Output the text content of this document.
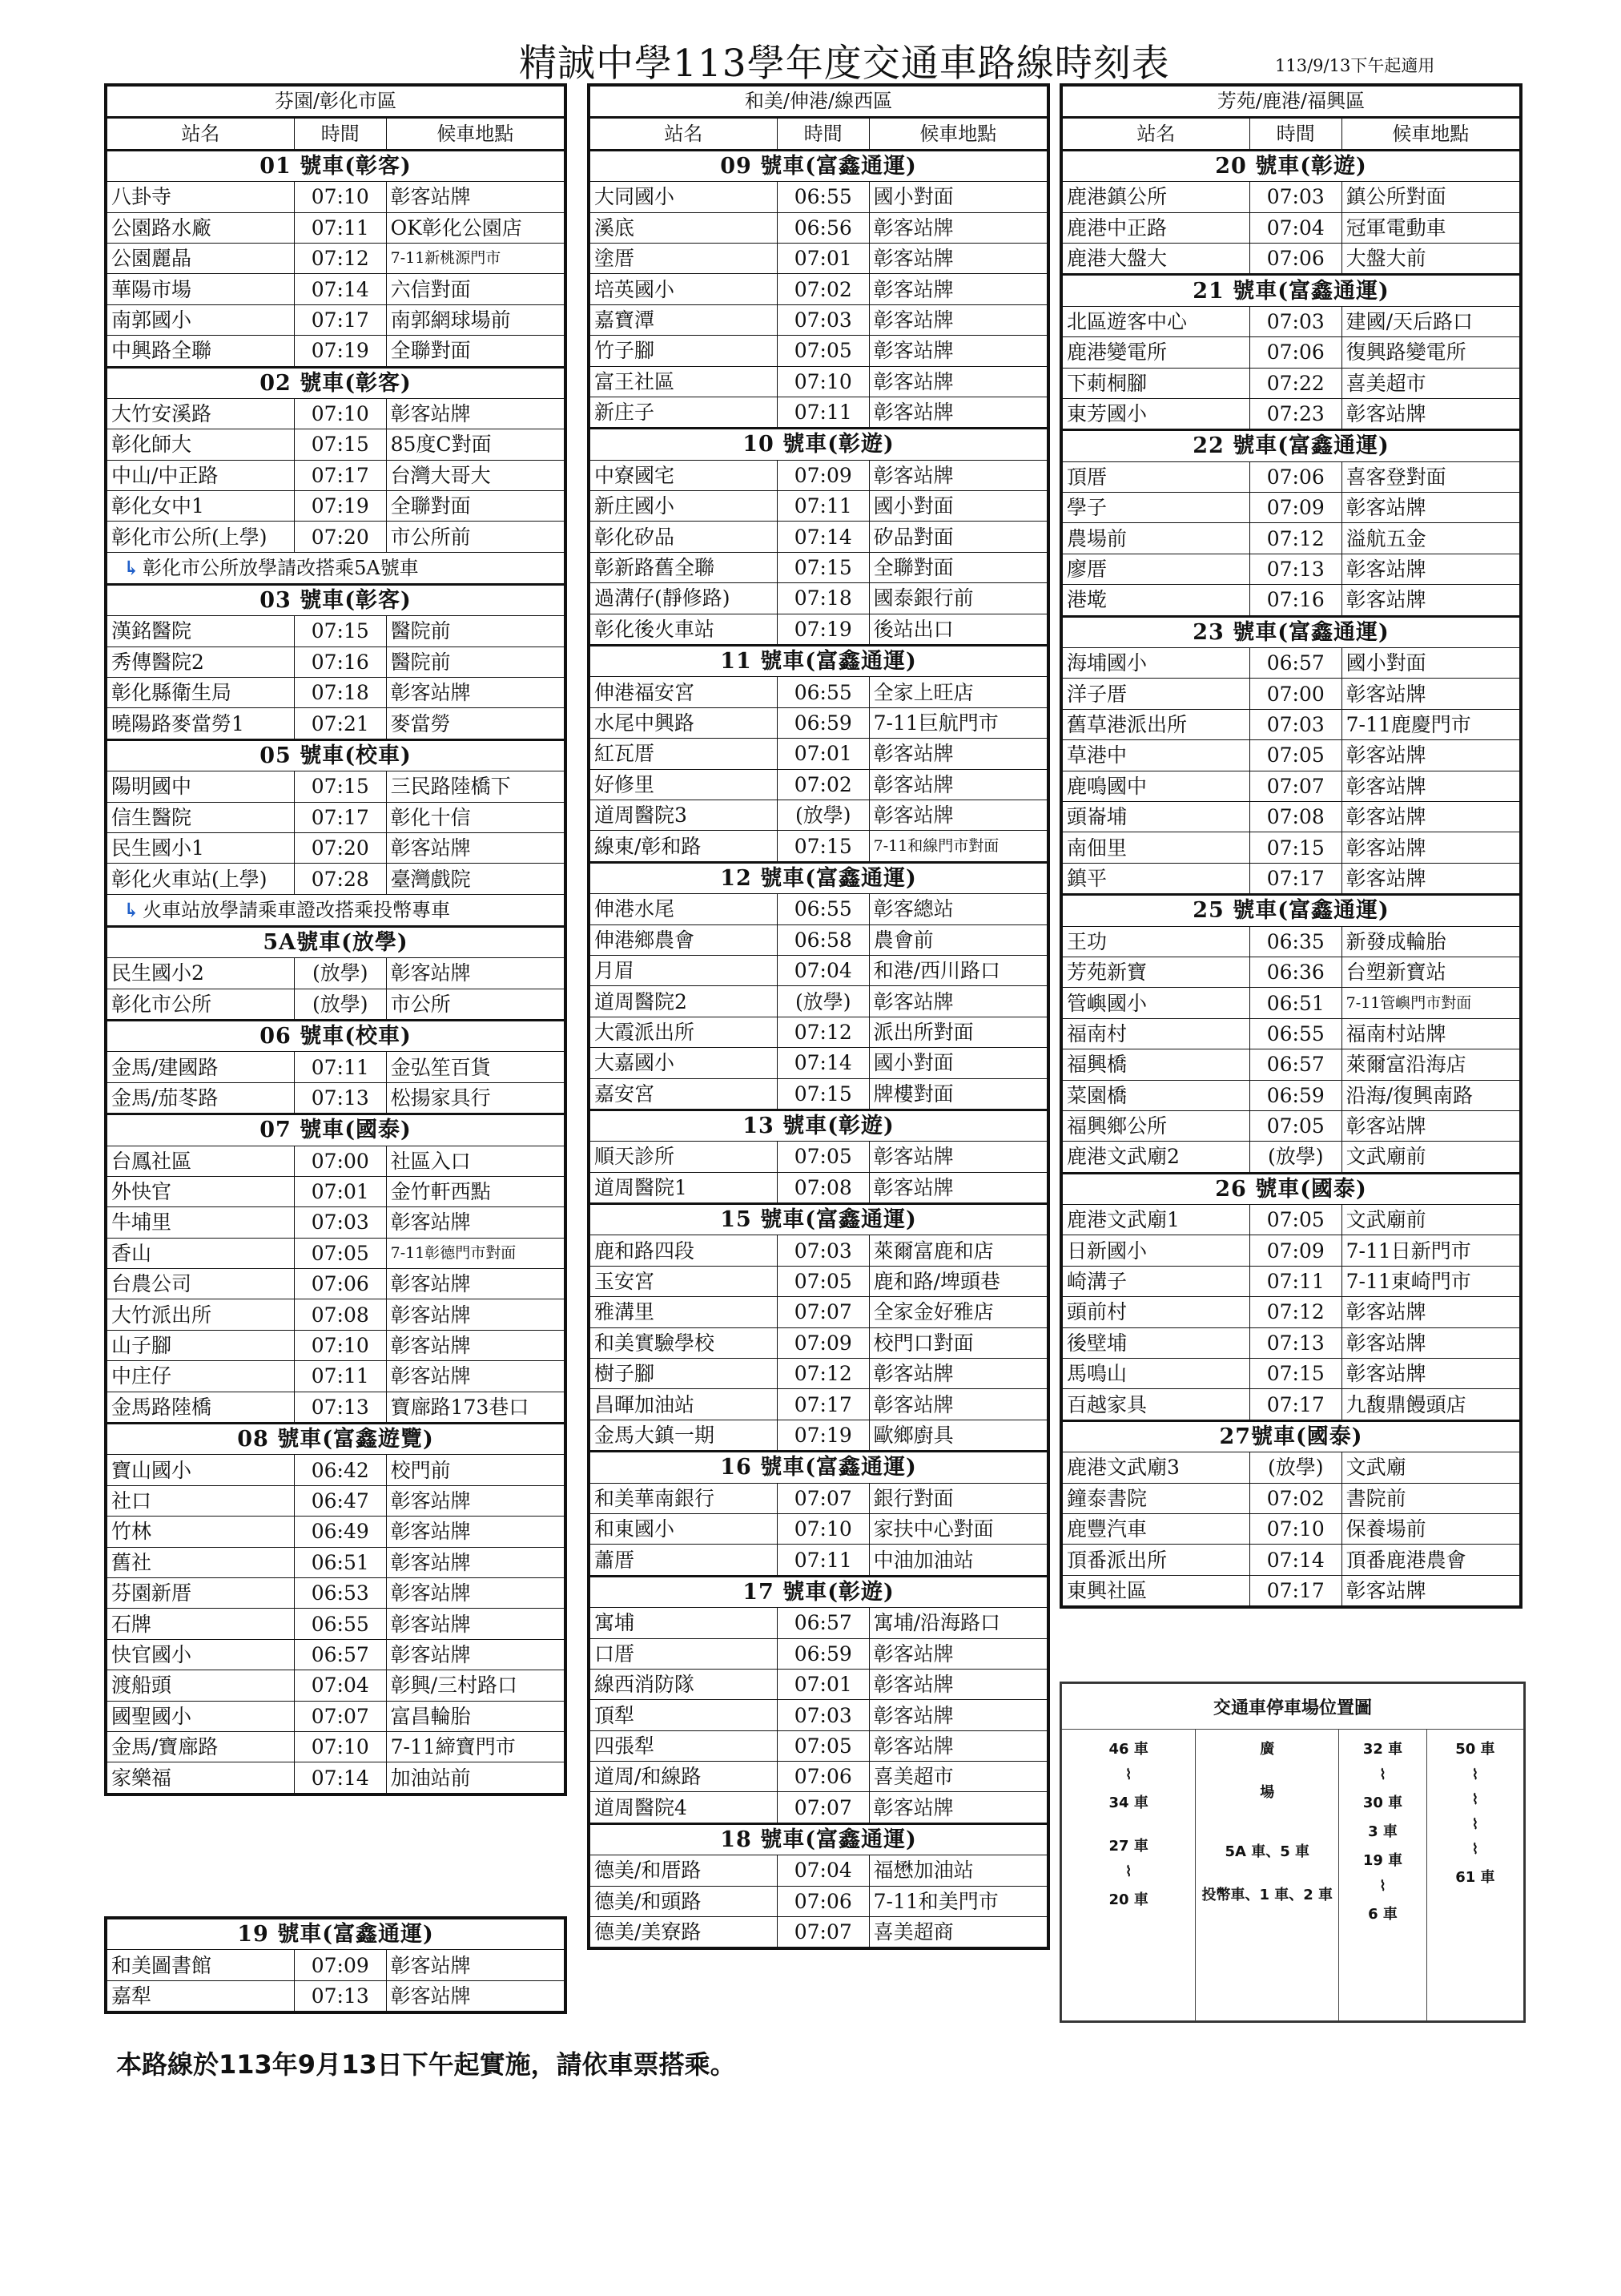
精誠中學113學年度交通車路線時刻表	113/9/13下午起適用
芬園/彰化市區		
站名	時間	候車地點
01 號車(彰客)		
八卦寺	07:10	彰客站牌
公園路水廠	07:11	OK彰化公園店
公園麗晶	07:12	7-11新桃源門市
華陽市場	07:14	六信對面
南郭國小	07:17	南郭網球場前
中興路全聯	07:19	全聯對面
02 號車(彰客)		
大竹安溪路	07:10	彰客站牌
彰化師大	07:15	85度C對面
中山/中正路	07:17	台灣大哥大
彰化女中1	07:19	全聯對面
彰化市公所(上學)	07:20	市公所前
↳ 彰化市公所放學請改搭乘5A號車		
03 號車(彰客)		
漢銘醫院	07:15	醫院前
秀傳醫院2	07:16	醫院前
彰化縣衛生局	07:18	彰客站牌
曉陽路麥當勞1	07:21	麥當勞
05 號車(校車)		
陽明國中	07:15	三民路陸橋下
信生醫院	07:17	彰化十信
民生國小1	07:20	彰客站牌
彰化火車站(上學)	07:28	臺灣戲院
↳ 火車站放學請乘車證改搭乘投幣專車		
5A號車(放學)		
民生國小2	(放學)	彰客站牌
彰化市公所	(放學)	市公所
06 號車(校車)		
金馬/建國路	07:11	金弘笙百貨
金馬/茄苳路	07:13	松揚家具行
07 號車(國泰)		
台鳳社區	07:00	社區入口
外快官	07:01	金竹軒西點
牛埔里	07:03	彰客站牌
香山	07:05	7-11彰德門市對面
台農公司	07:06	彰客站牌
大竹派出所	07:08	彰客站牌
山子腳	07:10	彰客站牌
中庄仔	07:11	彰客站牌
金馬路陸橋	07:13	寶廍路173巷口
08 號車(富鑫遊覽)		
寶山國小	06:42	校門前
社口	06:47	彰客站牌
竹林	06:49	彰客站牌
舊社	06:51	彰客站牌
芬園新厝	06:53	彰客站牌
石牌	06:55	彰客站牌
快官國小	06:57	彰客站牌
渡船頭	07:04	彰興/三村路口
國聖國小	07:07	富昌輪胎
金馬/寶廍路	07:10	7-11締寶門市
家樂福	07:14	加油站前
和美/伸港/線西區		
站名	時間	候車地點
09 號車(富鑫通運)		
大同國小	06:55	國小對面
溪底	06:56	彰客站牌
塗厝	07:01	彰客站牌
培英國小	07:02	彰客站牌
嘉寶潭	07:03	彰客站牌
竹子腳	07:05	彰客站牌
富王社區	07:10	彰客站牌
新庄子	07:11	彰客站牌
10 號車(彰遊)		
中寮國宅	07:09	彰客站牌
新庄國小	07:11	國小對面
彰化矽品	07:14	矽品對面
彰新路舊全聯	07:15	全聯對面
過溝仔(靜修路)	07:18	國泰銀行前
彰化後火車站	07:19	後站出口
11 號車(富鑫通運)		
伸港福安宮	06:55	全家上旺店
水尾中興路	06:59	7-11巨航門市
紅瓦厝	07:01	彰客站牌
好修里	07:02	彰客站牌
道周醫院3	(放學)	彰客站牌
線東/彰和路	07:15	7-11和線門市對面
12 號車(富鑫通運)		
伸港水尾	06:55	彰客總站
伸港鄉農會	06:58	農會前
月眉	07:04	和港/西川路口
道周醫院2	(放學)	彰客站牌
大霞派出所	07:12	派出所對面
大嘉國小	07:14	國小對面
嘉安宮	07:15	牌樓對面
13 號車(彰遊)		
順天診所	07:05	彰客站牌
道周醫院1	07:08	彰客站牌
15 號車(富鑫通運)		
鹿和路四段	07:03	萊爾富鹿和店
玉安宮	07:05	鹿和路/埤頭巷
雅溝里	07:07	全家金好雅店
和美實驗學校	07:09	校門口對面
樹子腳	07:12	彰客站牌
昌暉加油站	07:17	彰客站牌
金馬大鎮一期	07:19	歐鄉廚具
16 號車(富鑫通運)		
和美華南銀行	07:07	銀行對面
和東國小	07:10	家扶中心對面
蕭厝	07:11	中油加油站
17 號車(彰遊)		
寓埔	06:57	寓埔/沿海路口
口厝	06:59	彰客站牌
線西消防隊	07:01	彰客站牌
頂犁	07:03	彰客站牌
四張犁	07:05	彰客站牌
道周/和線路	07:06	喜美超市
道周醫院4	07:07	彰客站牌
18 號車(富鑫通運)		
德美/和厝路	07:04	福懋加油站
德美/和頭路	07:06	7-11和美門市
德美/美寮路	07:07	喜美超商
芳苑/鹿港/福興區		
站名	時間	候車地點
20 號車(彰遊)		
鹿港鎮公所	07:03	鎮公所對面
鹿港中正路	07:04	冠軍電動車
鹿港大盤大	07:06	大盤大前
21 號車(富鑫通運)		
北區遊客中心	07:03	建國/天后路口
鹿港變電所	07:06	復興路變電所
下莿桐腳	07:22	喜美超市
東芳國小	07:23	彰客站牌
22 號車(富鑫通運)		
頂厝	07:06	喜客登對面
學子	07:09	彰客站牌
農場前	07:12	溢航五金
廖厝	07:13	彰客站牌
港墘	07:16	彰客站牌
23 號車(富鑫通運)		
海埔國小	06:57	國小對面
洋子厝	07:00	彰客站牌
舊草港派出所	07:03	7-11鹿慶門市
草港中	07:05	彰客站牌
鹿鳴國中	07:07	彰客站牌
頭崙埔	07:08	彰客站牌
南佃里	07:15	彰客站牌
鎮平	07:17	彰客站牌
25 號車(富鑫通運)		
王功	06:35	新發成輪胎
芳苑新寶	06:36	台塑新寶站
管嶼國小	06:51	7-11管嶼門市對面
福南村	06:55	福南村站牌
福興橋	06:57	萊爾富沿海店
菜園橋	06:59	沿海/復興南路
福興鄉公所	07:05	彰客站牌
鹿港文武廟2	(放學)	文武廟前
26 號車(國泰)		
鹿港文武廟1	07:05	文武廟前
日新國小	07:09	7-11日新門市
崎溝子	07:11	7-11東崎門市
頭前村	07:12	彰客站牌
後壁埔	07:13	彰客站牌
馬鳴山	07:15	彰客站牌
百越家具	07:17	九馥鼎饅頭店
27號車(國泰)		
鹿港文武廟3	(放學)	文武廟
鐘泰書院	07:02	書院前
鹿豐汽車	07:10	保養場前
頂番派出所	07:14	頂番鹿港農會
東興社區	07:17	彰客站牌
19 號車(富鑫通運)		
和美圖書館	07:09	彰客站牌
嘉犁	07:13	彰客站牌
交通車停車場位置圖

46 車
⌇
34 車
27 車
⌇
20 車

廣
場
5A 車、5 車
投幣車、1 車、2 車

32 車
⌇
30 車
3 車
19 車
⌇
6 車

50 車
⌇
⌇
⌇
⌇
61 車
本路線於113年9月13日下午起實施，請依車票搭乘。
